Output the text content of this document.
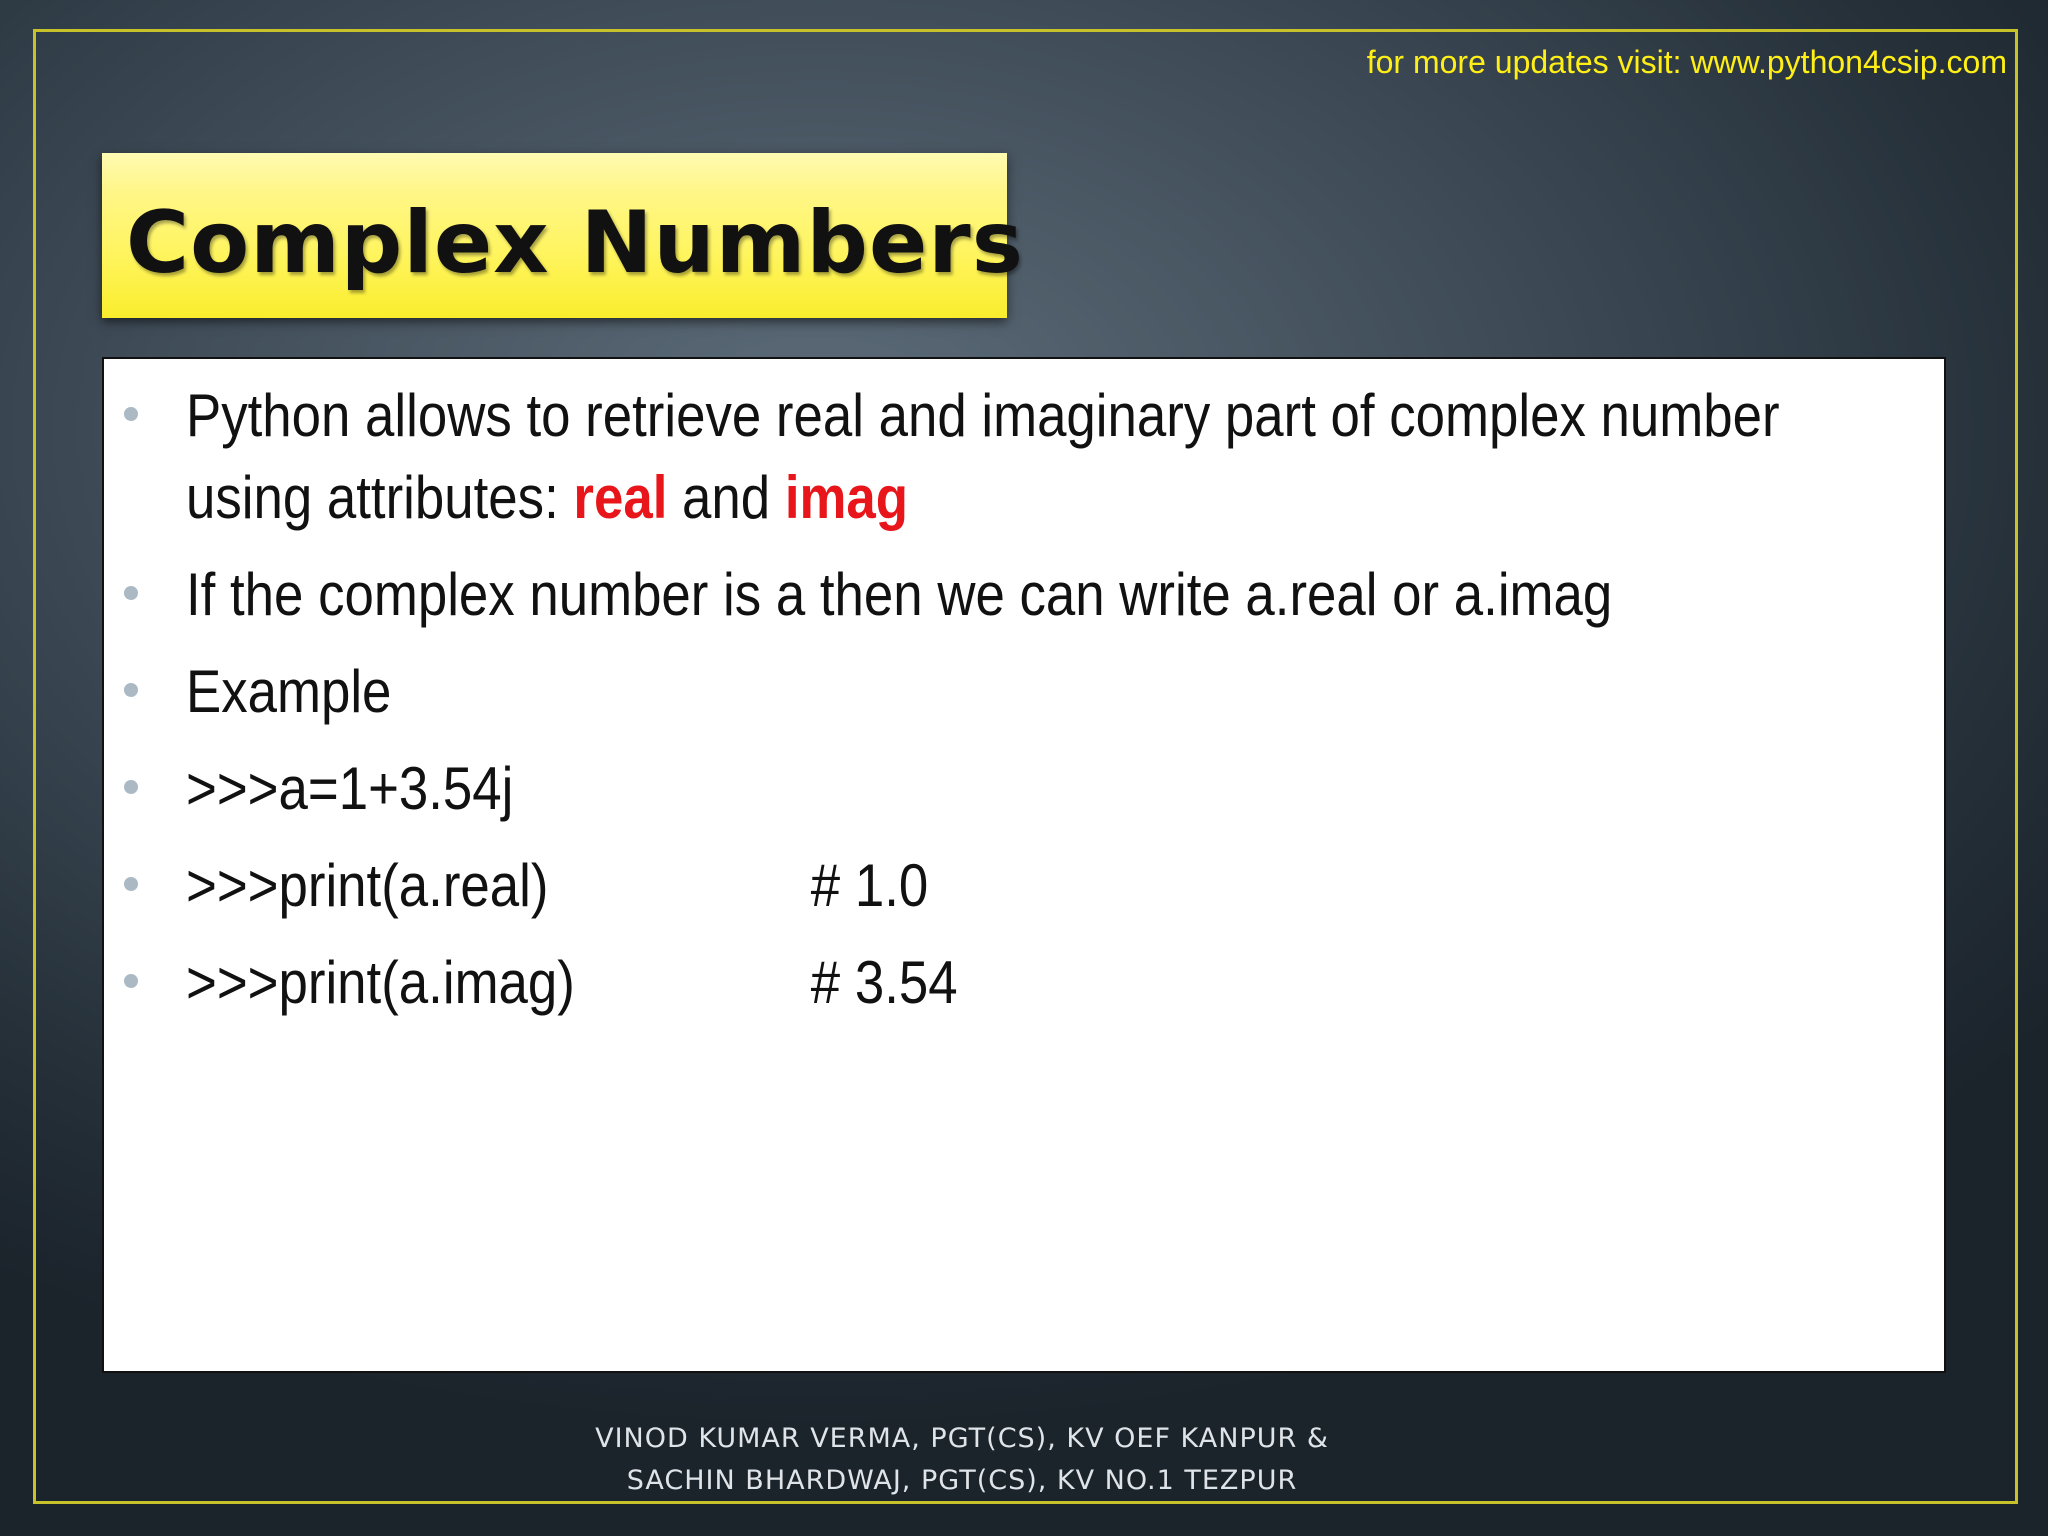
for more updates visit: www.python4csip.com
Complex Numbers
Python allows to retrieve real and imaginary part of complex number
using attributes: real and imag
If the complex number is a then we can write a.real or a.imag
Example
>>>a=1+3.54j
>>>print(a.real)	# 1.0
>>>print(a.imag)	# 3.54
VINOD KUMAR VERMA, PGT(CS), KV OEF KANPUR &
SACHIN BHARDWAJ, PGT(CS), KV NO.1 TEZPUR
